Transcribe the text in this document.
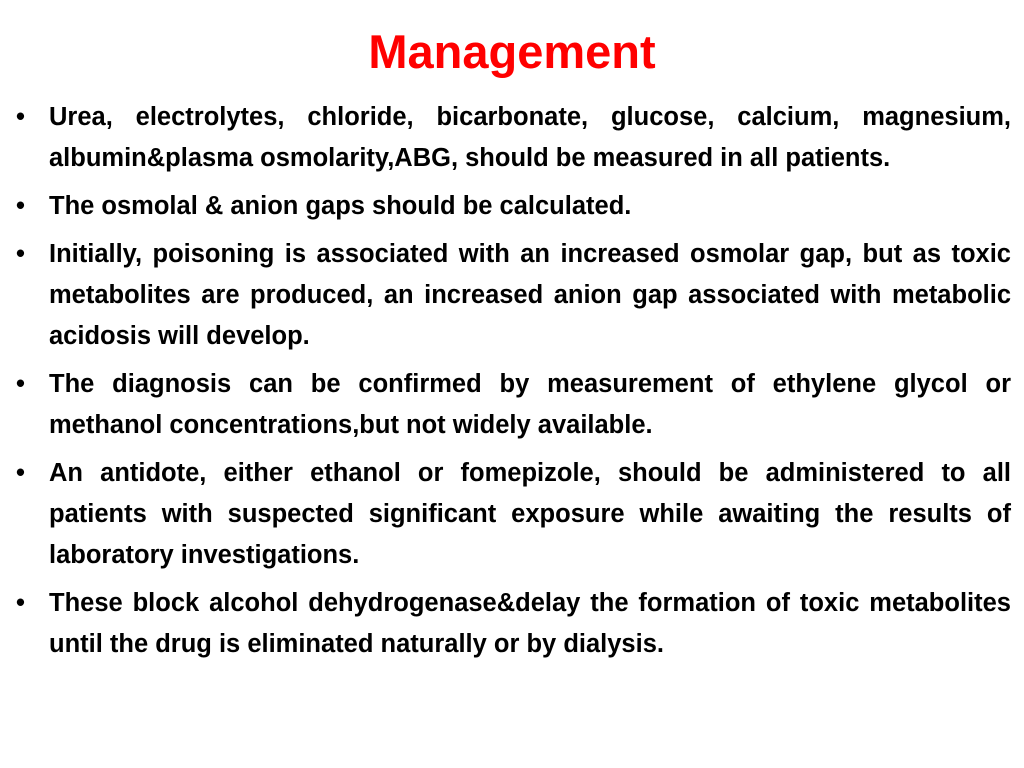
Management
• Urea, electrolytes, chloride, bicarbonate, glucose, calcium, magnesium, albumin&plasma osmolarity,ABG, should be measured in all patients.
• The osmolal & anion gaps should be calculated.
• Initially, poisoning is associated with an increased osmolar gap, but as toxic metabolites are produced, an increased anion gap associated with metabolic acidosis will develop.
• The diagnosis can be confirmed by measurement of ethylene glycol or methanol concentrations,but not widely available.
• An antidote, either ethanol or fomepizole, should be administered to all patients with suspected significant exposure while awaiting the results of laboratory investigations.
• These block alcohol dehydrogenase&delay the formation of toxic metabolites until the drug is eliminated naturally or by dialysis.
